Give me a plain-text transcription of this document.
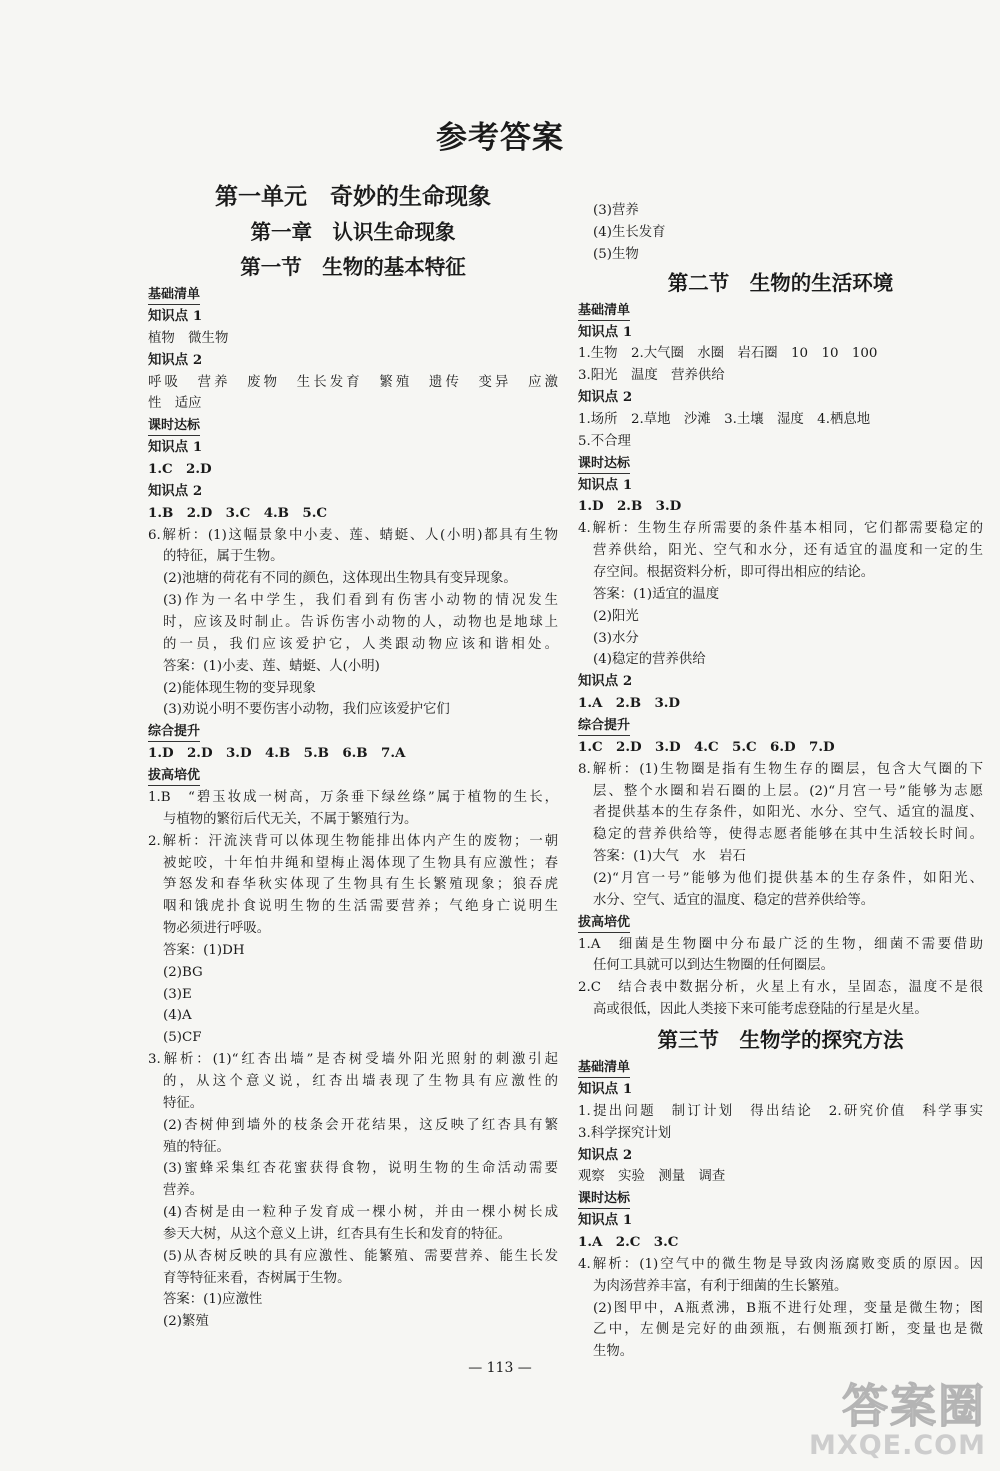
参考答案
第一单元　奇妙的生命现象
第一章　认识生命现象
第一节　生物的基本特征
基础清单
知识点 1
植物　微生物
知识点 2
呼吸　营养　废物　生长发育　繁殖　遗传　变异　应激
性　适应
课时达标
知识点 1
1.C　2.D
知识点 2
1.B　2.D　3.C　4.B　5.C
6.解析：(1)这幅景象中小麦、莲、蜻蜓、人(小明)都具有生物
的特征，属于生物。
(2)池塘的荷花有不同的颜色，这体现出生物具有变异现象。
(3)作为一名中学生，我们看到有伤害小动物的情况发生
时，应该及时制止。告诉伤害小动物的人，动物也是地球上
的一员，我们应该爱护它，人类跟动物应该和谐相处。
答案：(1)小麦、莲、蜻蜓、人(小明)
(2)能体现生物的变异现象
(3)劝说小明不要伤害小动物，我们应该爱护它们
综合提升
1.D　2.D　3.D　4.B　5.B　6.B　7.A
拔高培优
1.B　“碧玉妆成一树高，万条垂下绿丝绦”属于植物的生长，
与植物的繁衍后代无关，不属于繁殖行为。
2.解析：汗流浃背可以体现生物能排出体内产生的废物；一朝
被蛇咬，十年怕井绳和望梅止渴体现了生物具有应激性；春
笋怒发和春华秋实体现了生物具有生长繁殖现象；狼吞虎
咽和饿虎扑食说明生物的生活需要营养；气绝身亡说明生
物必须进行呼吸。
答案：(1)DH
(2)BG
(3)E
(4)A
(5)CF
3.解析：(1)“红杏出墙”是杏树受墙外阳光照射的刺激引起
的，从这个意义说，红杏出墙表现了生物具有应激性的
特征。
(2)杏树伸到墙外的枝条会开花结果，这反映了红杏具有繁
殖的特征。
(3)蜜蜂采集红杏花蜜获得食物，说明生物的生命活动需要
营养。
(4)杏树是由一粒种子发育成一棵小树，并由一棵小树长成
参天大树，从这个意义上讲，红杏具有生长和发育的特征。
(5)从杏树反映的具有应激性、能繁殖、需要营养、能生长发
育等特征来看，杏树属于生物。
答案：(1)应激性
(2)繁殖
(3)营养
(4)生长发育
(5)生物
第二节　生物的生活环境
基础清单
知识点 1
1.生物　2.大气圈　水圈　岩石圈　10　10　100
3.阳光　温度　营养供给
知识点 2
1.场所　2.草地　沙滩　3.土壤　湿度　4.栖息地
5.不合理
课时达标
知识点 1
1.D　2.B　3.D
4.解析：生物生存所需要的条件基本相同，它们都需要稳定的
营养供给，阳光、空气和水分，还有适宜的温度和一定的生
存空间。根据资料分析，即可得出相应的结论。
答案：(1)适宜的温度
(2)阳光
(3)水分
(4)稳定的营养供给
知识点 2
1.A　2.B　3.D
综合提升
1.C　2.D　3.D　4.C　5.C　6.D　7.D
8.解析：(1)生物圈是指有生物生存的圈层，包含大气圈的下
层、整个水圈和岩石圈的上层。(2)“月宫一号”能够为志愿
者提供基本的生存条件，如阳光、水分、空气、适宜的温度、
稳定的营养供给等，使得志愿者能够在其中生活较长时间。
答案：(1)大气　水　岩石
(2)“月宫一号”能够为他们提供基本的生存条件，如阳光、
水分、空气、适宜的温度、稳定的营养供给等。
拔高培优
1.A　细菌是生物圈中分布最广泛的生物，细菌不需要借助
任何工具就可以到达生物圈的任何圈层。
2.C　结合表中数据分析，火星上有水，呈固态，温度不是很
高或很低，因此人类接下来可能考虑登陆的行星是火星。
第三节　生物学的探究方法
基础清单
知识点 1
1.提出问题　制订计划　得出结论　2.研究价值　科学事实
3.科学探究计划
知识点 2
观察　实验　测量　调查
课时达标
知识点 1
1.A　2.C　3.C
4.解析：(1)空气中的微生物是导致肉汤腐败变质的原因。因
为肉汤营养丰富，有利于细菌的生长繁殖。
(2)图甲中，A瓶煮沸，B瓶不进行处理，变量是微生物；图
乙中，左侧是完好的曲颈瓶，右侧瓶颈打断，变量也是微
生物。
— 113 —
答案圈
MXQE.COM
